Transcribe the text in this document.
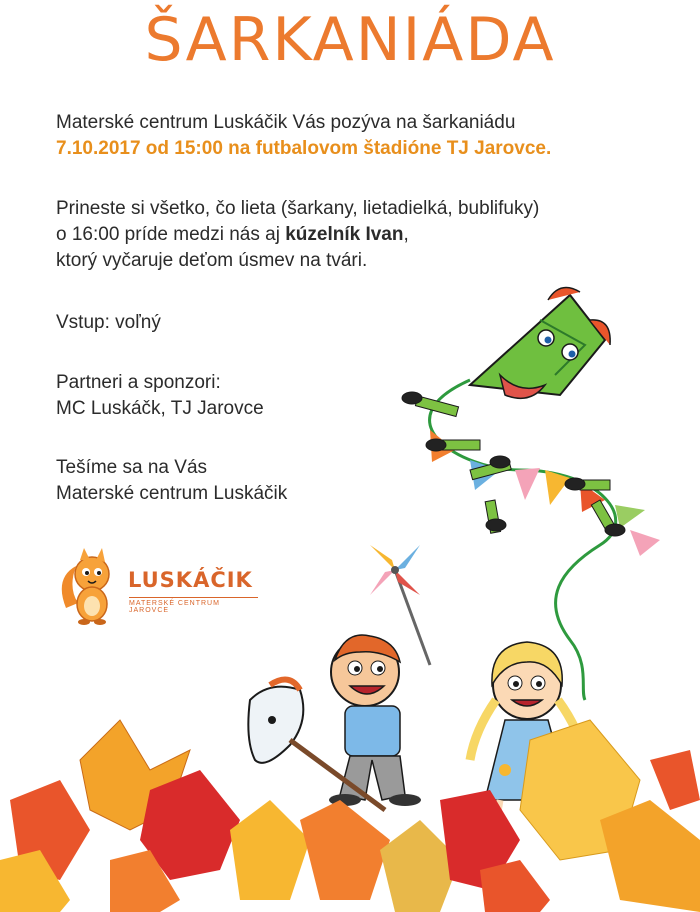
ŠARKANIÁDA
Materské centrum Luskáčik Vás pozýva na šarkaniádu
7.10.2017 od 15:00 na futbalovom štadióne TJ Jarovce.
Prineste si všetko, čo lieta (šarkany, lietadielká, bublifuky)
o 16:00 príde medzi nás aj kúzelník Ivan,
ktorý vyčaruje deťom úsmev na tvári.
Vstup: voľný
Partneri a sponzori:
MC Luskáčk, TJ Jarovce
Tešíme sa na Vás
Materské centrum Luskáčik
LUSKÁČIK
MATERSKÉ CENTRUM JAROVCE
